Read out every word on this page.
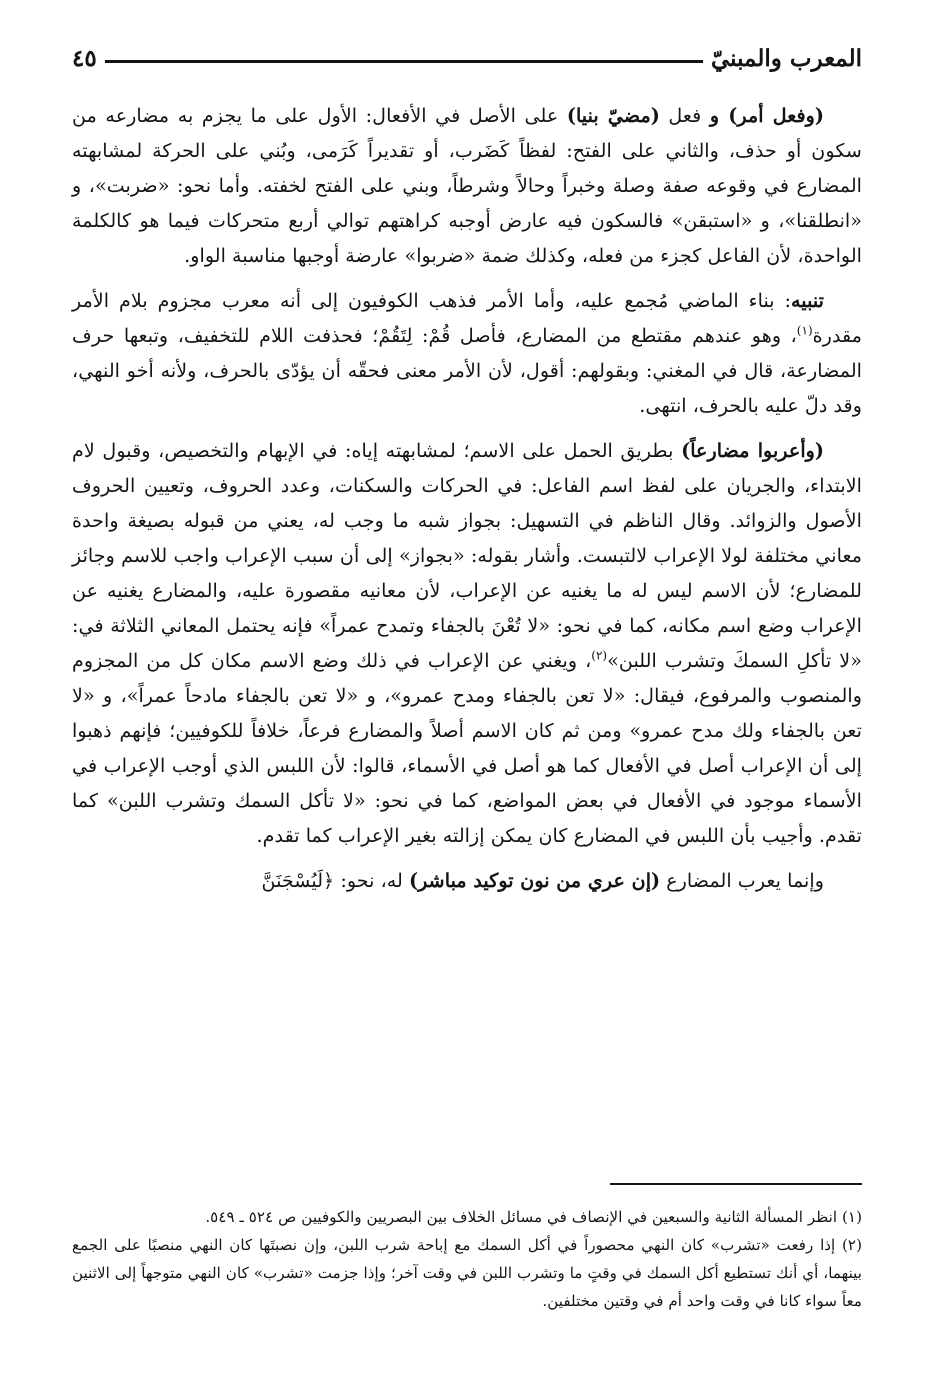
المعرب والمبنيّ
٤٥

(وفعل أمر) و فعل (مضيّ بنيا) على الأصل في الأفعال: الأول على ما يجزم به مضارعه من سكون أو حذف، والثاني على الفتح: لفظاً كَضَرب، أو تقديراً كَرَمى، وبُني على الحركة لمشابهته المضارع في وقوعه صفة وصلة وخبراً وحالاً وشرطاً، وبني على الفتح لخفته. وأما نحو: «ضربت»، و «انطلقنا»، و «استبقن» فالسكون فيه عارض أوجبه كراهتهم توالي أربع متحركات فيما هو كالكلمة الواحدة، لأن الفاعل كجزء من فعله، وكذلك ضمة «ضربوا» عارضة أوجبها مناسبة الواو.

تنبيه: بناء الماضي مُجمع عليه، وأما الأمر فذهب الكوفيون إلى أنه معرب مجزوم بلام الأمر مقدرة$^{(١)}$، وهو عندهم مقتطع من المضارع، فأصل قُمْ: لِتَقُمْ؛ فحذفت اللام للتخفيف، وتبعها حرف المضارعة، قال في المغني: وبقولهم: أقول، لأن الأمر معنى فحقّه أن يؤدّى بالحرف، ولأنه أخو النهي، وقد دلّ عليه بالحرف، انتهى.

(وأعربوا مضارعاً) بطريق الحمل على الاسم؛ لمشابهته إياه: في الإبهام والتخصيص، وقبول لام الابتداء، والجريان على لفظ اسم الفاعل: في الحركات والسكنات، وعدد الحروف، وتعيين الحروف الأصول والزوائد. وقال الناظم في التسهيل: بجواز شبه ما وجب له، يعني من قبوله بصيغة واحدة معاني مختلفة لولا الإعراب لالتبست. وأشار بقوله: «بجواز» إلى أن سبب الإعراب واجب للاسم وجائز للمضارع؛ لأن الاسم ليس له ما يغنيه عن الإعراب، لأن معانيه مقصورة عليه، والمضارع يغنيه عن الإعراب وضع اسم مكانه، كما في نحو: «لا تُعْنَ بالجفاء وتمدح عمراً» فإنه يحتمل المعاني الثلاثة في: «لا تأكلِ السمكَ وتشرب اللبن»$^{(٢)}$، ويغني عن الإعراب في ذلك وضع الاسم مكان كل من المجزوم والمنصوب والمرفوع، فيقال: «لا تعن بالجفاء ومدح عمرو»، و «لا تعن بالجفاء مادحاً عمراً»، و «لا تعن بالجفاء ولك مدح عمرو» ومن ثم كان الاسم أصلاً والمضارع فرعاً، خلافاً للكوفيين؛ فإنهم ذهبوا إلى أن الإعراب أصل في الأفعال كما هو أصل في الأسماء، قالوا: لأن اللبس الذي أوجب الإعراب في الأسماء موجود في الأفعال في بعض المواضع، كما في نحو: «لا تأكل السمك وتشرب اللبن» كما تقدم. وأجيب بأن اللبس في المضارع كان يمكن إزالته بغير الإعراب كما تقدم.

وإنما يعرب المضارع (إن عري من نون توكيد مباشر) له، نحو: ﴿لَيُسْجَنَنَّ

(١) انظر المسألة الثانية والسبعين في الإنصاف في مسائل الخلاف بين البصريين والكوفيين ص ٥٢٤ ـ ٥٤٩.

(٢) إذا رفعت «تشرب» كان النهي محصوراً في أكل السمك مع إباحة شرب اللبن، وإن نصبتَها كان النهي منصبًا على الجمع بينهما، أي أنك تستطيع أكل السمك في وقتٍ ما وتشرب اللبن في وقت آخر؛ وإذا جزمت «تشرب» كان النهي متوجهاً إلى الاثنين معاً سواء كانا في وقت واحد أم في وقتين مختلفين.
